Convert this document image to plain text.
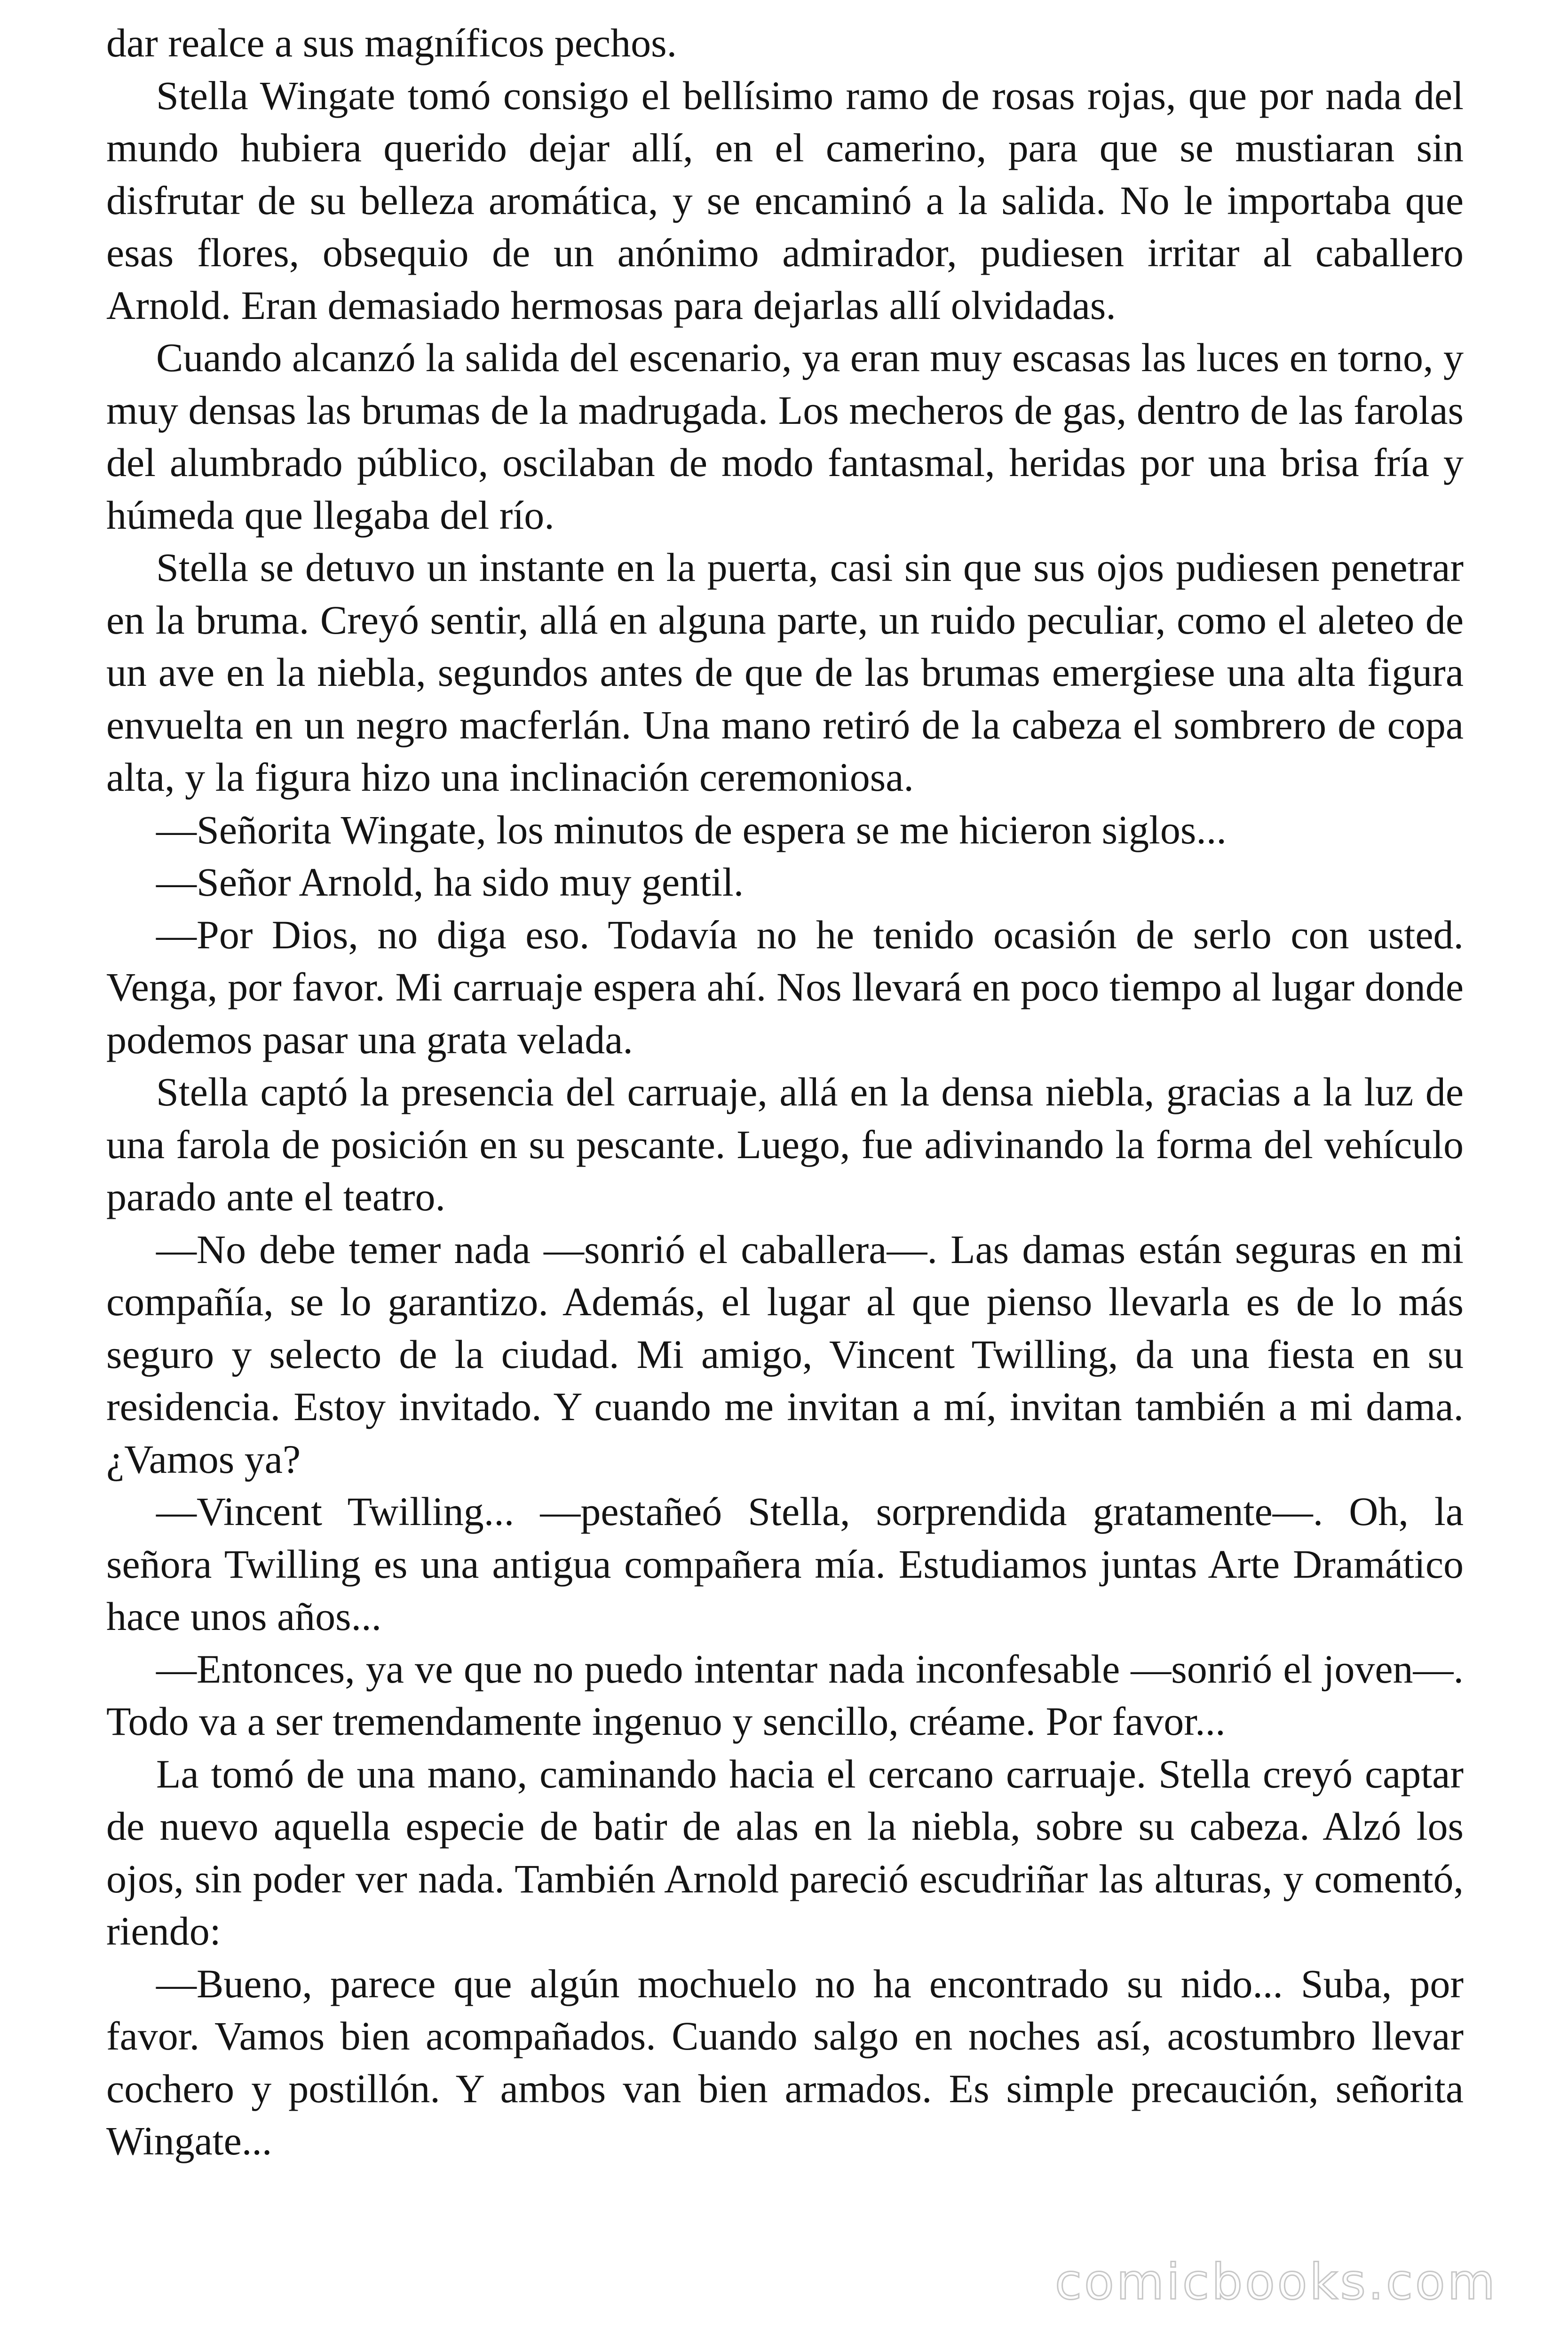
dar realce a sus magníficos pechos.

Stella Wingate tomó consigo el bellísimo ramo de rosas rojas, que por nada del mundo hubiera querido dejar allí, en el camerino, para que se mustiaran sin disfrutar de su belleza aromática, y se encaminó a la salida. No le importaba que esas flores, obsequio de un anónimo admirador, pudiesen irritar al caballero Arnold. Eran demasiado hermosas para dejarlas allí olvidadas.

Cuando alcanzó la salida del escenario, ya eran muy escasas las luces en torno, y muy densas las brumas de la madrugada. Los mecheros de gas, dentro de las farolas del alumbrado público, oscilaban de modo fantasmal, heridas por una brisa fría y húmeda que llegaba del río.

Stella se detuvo un instante en la puerta, casi sin que sus ojos pudiesen penetrar en la bruma. Creyó sentir, allá en alguna parte, un ruido peculiar, como el aleteo de un ave en la niebla, segundos antes de que de las brumas emergiese una alta figura envuelta en un negro macferlán. Una mano retiró de la cabeza el sombrero de copa alta, y la figura hizo una inclinación ceremoniosa.

—Señorita Wingate, los minutos de espera se me hicieron siglos...

—Señor Arnold, ha sido muy gentil.

—Por Dios, no diga eso. Todavía no he tenido ocasión de serlo con usted. Venga, por favor. Mi carruaje espera ahí. Nos llevará en poco tiempo al lugar donde podemos pasar una grata velada.

Stella captó la presencia del carruaje, allá en la densa niebla, gracias a la luz de una farola de posición en su pescante. Luego, fue adivinando la forma del vehículo parado ante el teatro.

—No debe temer nada —sonrió el caballera—. Las damas están seguras en mi compañía, se lo garantizo. Además, el lugar al que pienso llevarla es de lo más seguro y selecto de la ciudad. Mi amigo, Vincent Twilling, da una fiesta en su residencia. Estoy invitado. Y cuando me invitan a mí, invitan también a mi dama. ¿Vamos ya?

—Vincent Twilling... —pestañeó Stella, sorprendida gratamente—. Oh, la señora Twilling es una antigua compañera mía. Estudiamos juntas Arte Dramático hace unos años...

—Entonces, ya ve que no puedo intentar nada inconfesable —sonrió el joven—. Todo va a ser tremendamente ingenuo y sencillo, créame. Por favor...

La tomó de una mano, caminando hacia el cercano carruaje. Stella creyó captar de nuevo aquella especie de batir de alas en la niebla, sobre su cabeza. Alzó los ojos, sin poder ver nada. También Arnold pareció escudriñar las alturas, y comentó, riendo:

—Bueno, parece que algún mochuelo no ha encontrado su nido... Suba, por favor. Vamos bien acompañados. Cuando salgo en noches así, acostumbro llevar cochero y postillón. Y ambos van bien armados. Es simple precaución, señorita Wingate...

comicbooks.com
